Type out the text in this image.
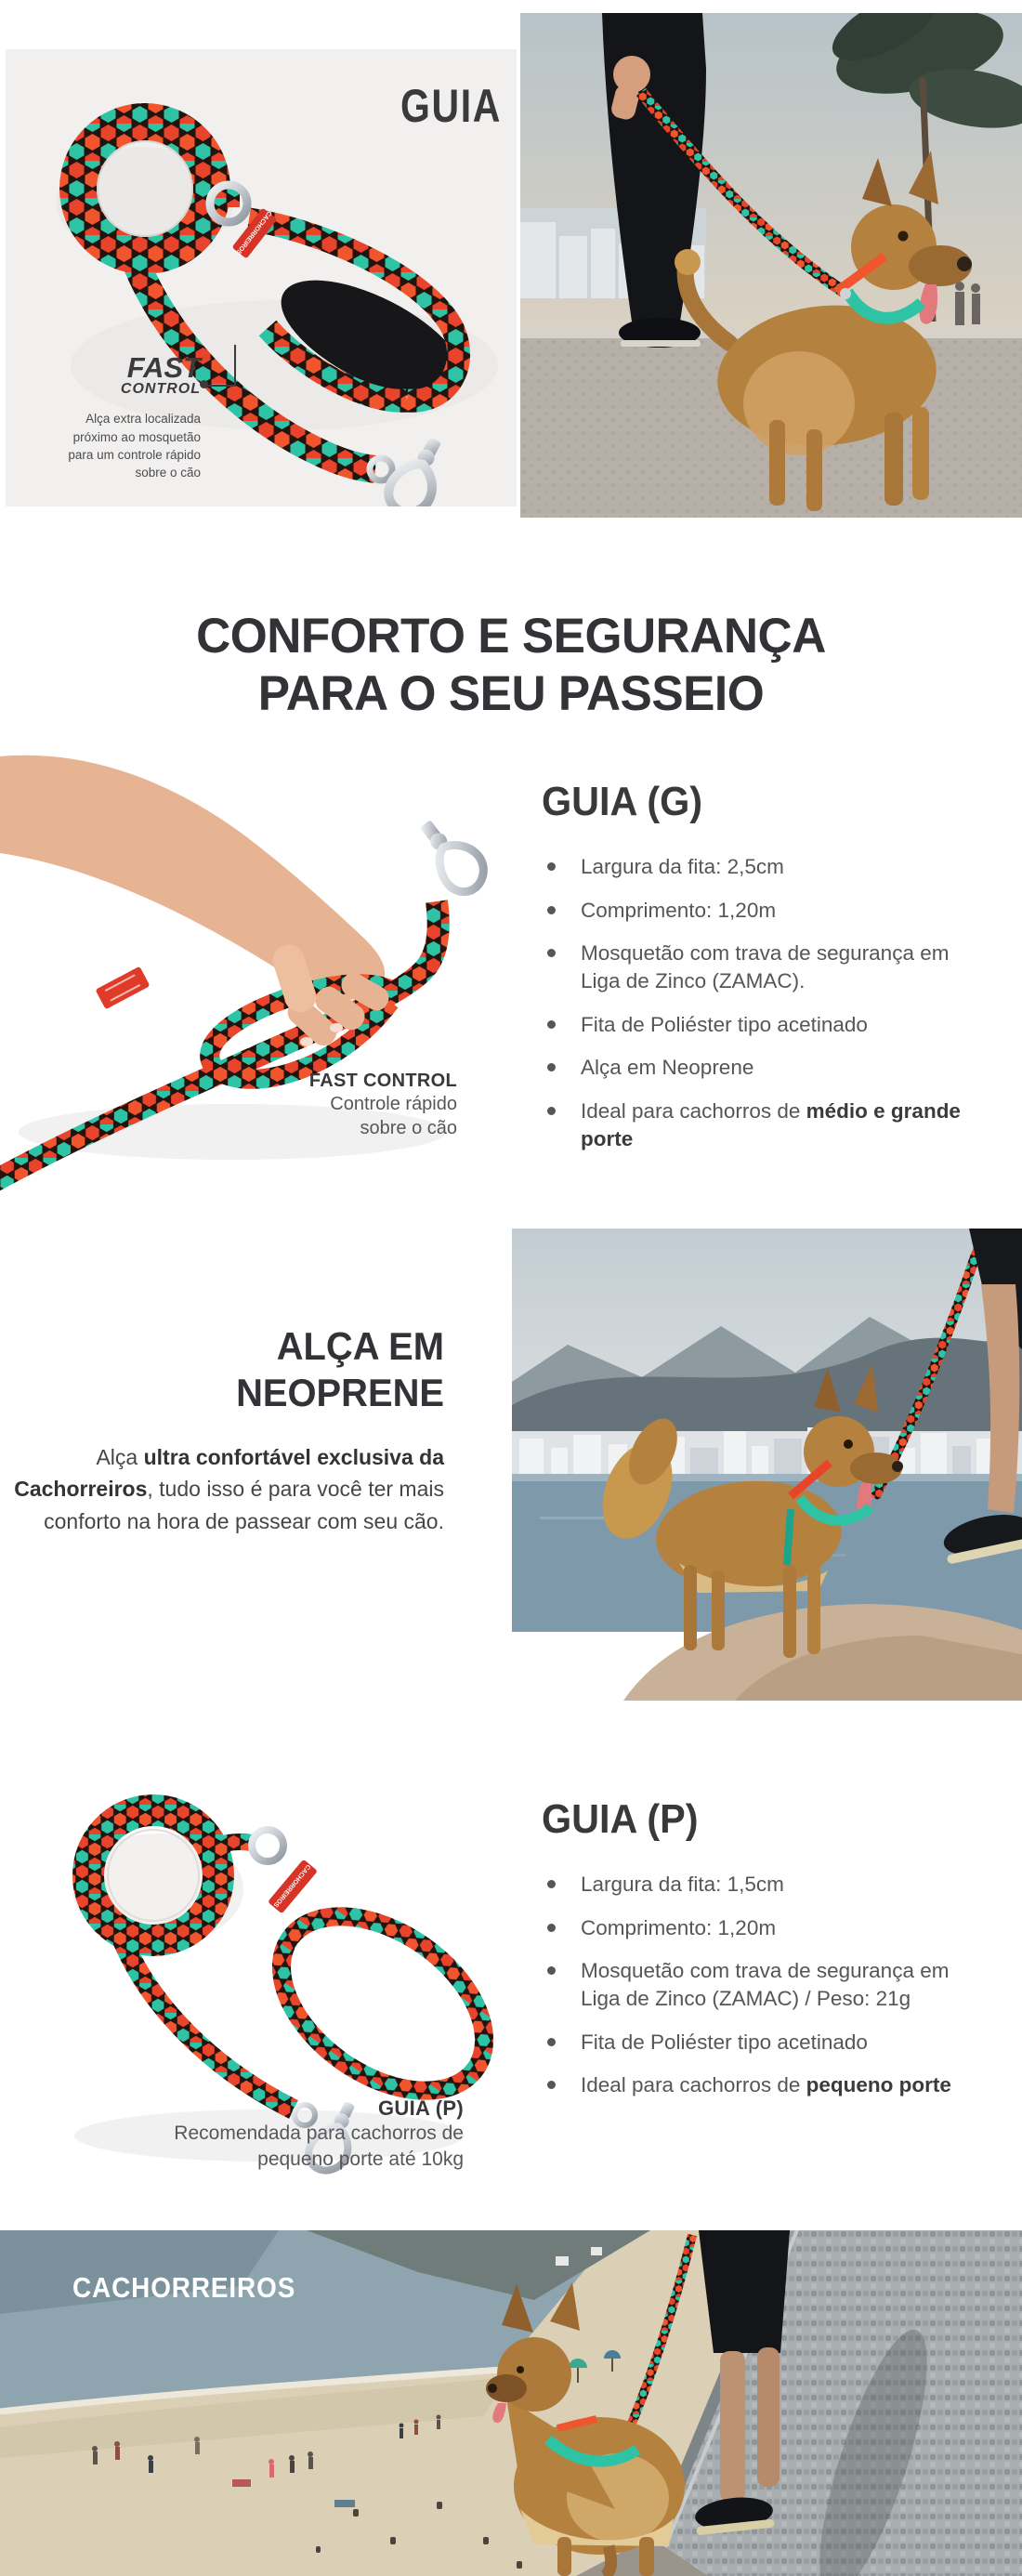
CACHORREIROS
GUIA
FAST
CONTROL
Alça extra localizada
próximo ao mosquetão
para um controle rápido
sobre o cão
CONFORTO E SEGURANÇA
PARA O SEU PASSEIO
FAST CONTROL
Controle rápido
sobre o cão
GUIA (G)
Largura da fita: 2,5cm
Comprimento: 1,20m
Mosquetão com trava de segurança em Liga de Zinco (ZAMAC).
Fita de Poliéster tipo acetinado
Alça em Neoprene
Ideal para cachorros de médio e grande porte
ALÇA EM
NEOPRENE

Alça ultra confortável exclusiva da Cachorreiros, tudo isso é para você ter mais conforto na hora de passear com seu cão.

CACHORREIROS
GUIA (P)
Recomendada para cachorros de
pequeno porte até 10kg
GUIA (P)
Largura da fita: 1,5cm
Comprimento: 1,20m
Mosquetão com trava de segurança em Liga de Zinco (ZAMAC) / Peso: 21g
Fita de Poliéster tipo acetinado
Ideal para cachorros de pequeno porte
CACHORREIROS
